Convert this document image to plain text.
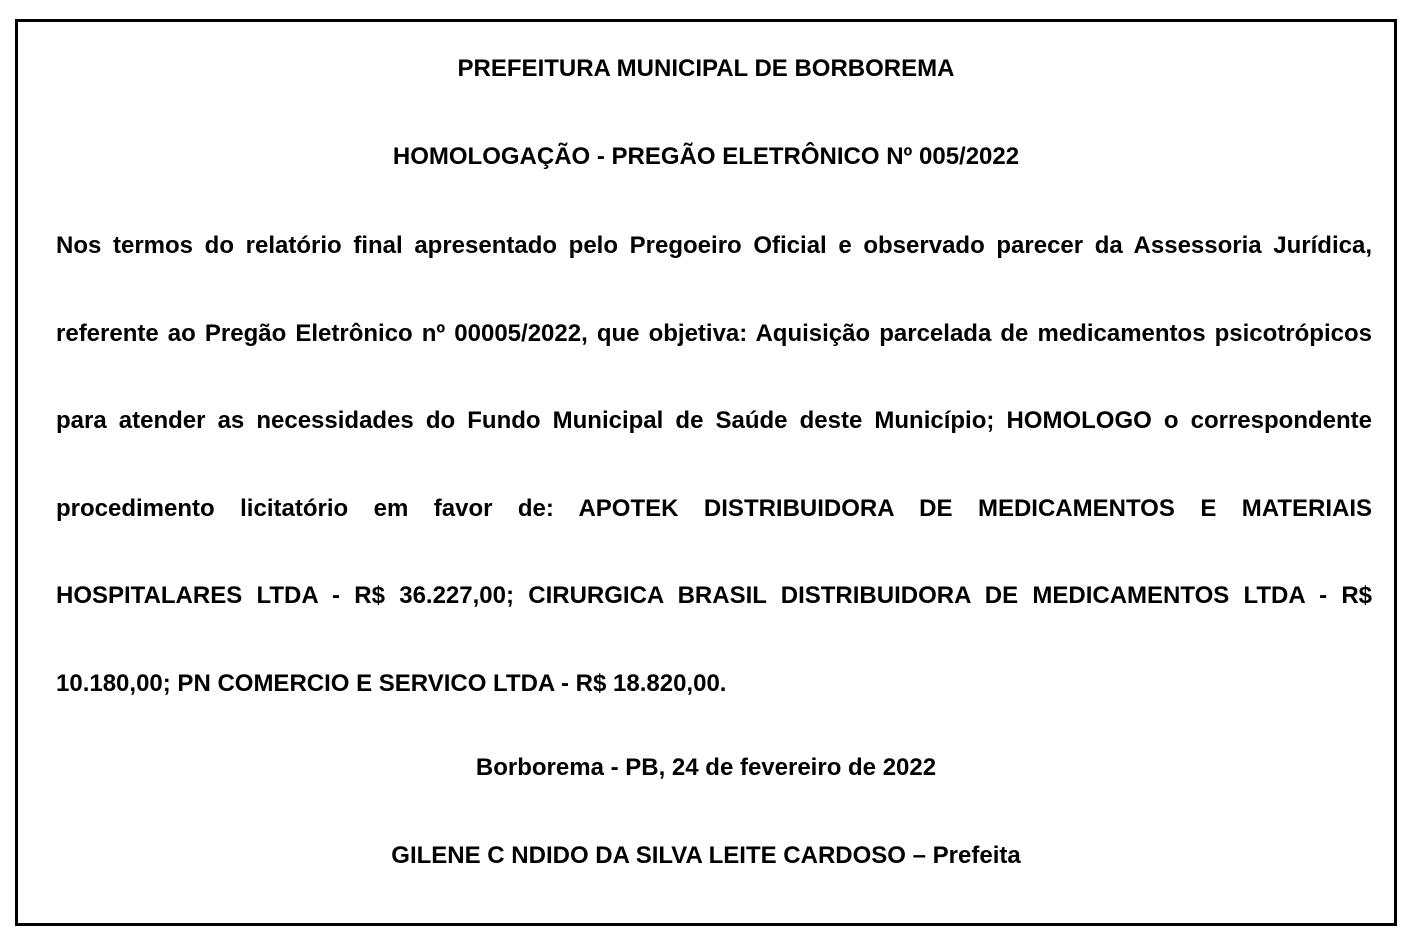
PREFEITURA MUNICIPAL DE BORBOREMA
HOMOLOGAÇÃO - PREGÃO ELETRÔNICO Nº 005/2022
Nos termos do relatório final apresentado pelo Pregoeiro Oficial e observado parecer da Assessoria Jurídica, referente ao Pregão Eletrônico nº 00005/2022, que objetiva: Aquisição parcelada de medicamentos psicotrópicos para atender as necessidades do Fundo Municipal de Saúde deste Município; HOMOLOGO o correspondente procedimento licitatório em favor de: APOTEK DISTRIBUIDORA DE MEDICAMENTOS E MATERIAIS HOSPITALARES LTDA - R$ 36.227,00; CIRURGICA BRASIL DISTRIBUIDORA DE MEDICAMENTOS LTDA - R$ 10.180,00; PN COMERCIO E SERVICO LTDA - R$ 18.820,00.
Borborema - PB, 24 de fevereiro de 2022
GILENE C NDIDO DA SILVA LEITE CARDOSO – Prefeita
